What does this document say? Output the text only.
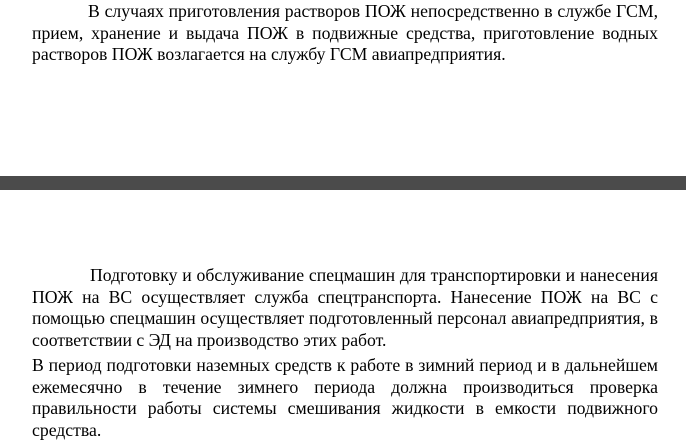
В случаях приготовления растворов ПОЖ непосредственно в службе ГСМ, прием, хранение и выдача ПОЖ в подвижные средства, приготовление водных растворов ПОЖ возлагается на службу ГСМ авиапредприятия.

Подготовку и обслуживание спецмашин для транспортировки и нанесения ПОЖ на ВС осуществляет служба спецтранспорта. Нанесение ПОЖ на ВС с помощью спецмашин осуществляет подготовленный персонал авиапредприятия, в соответствии с ЭД на производство этих работ.

В период подготовки наземных средств к работе в зимний период и в дальнейшем ежемесячно в течение зимнего периода должна производиться проверка правильности работы системы смешивания жидкости в емкости подвижного средства.
